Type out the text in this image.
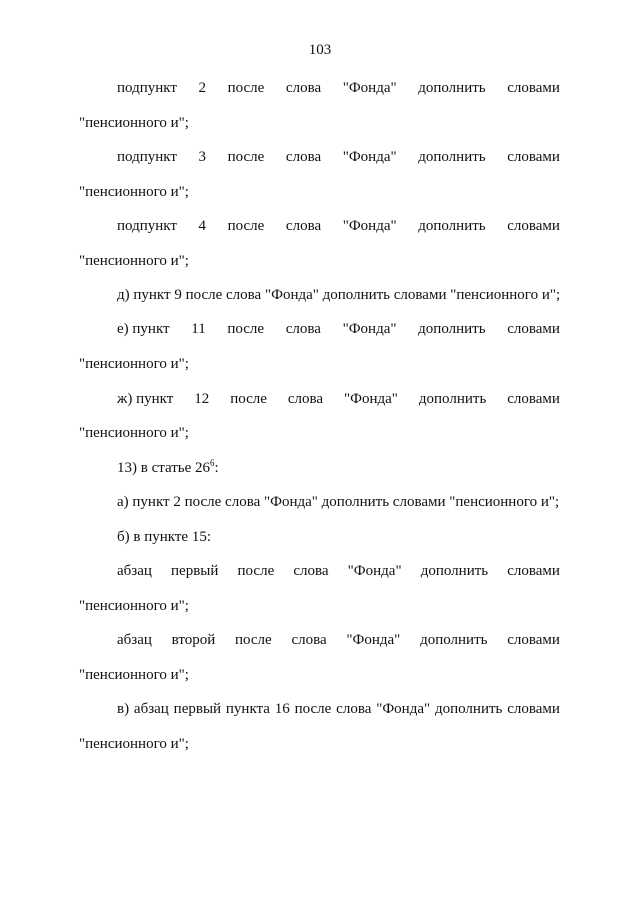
103
подпункт 2 после слова "Фонда" дополнить словами
"пенсионного и";
подпункт 3 после слова "Фонда" дополнить словами
"пенсионного и";
подпункт 4 после слова "Фонда" дополнить словами
"пенсионного и";
д) пункт 9 после слова "Фонда" дополнить словами "пенсионного и";
е) пункт 11 после слова "Фонда" дополнить словами
"пенсионного и";
ж) пункт 12 после слова "Фонда" дополнить словами
"пенсионного и";
13) в статье $26^6$:
а) пункт 2 после слова "Фонда" дополнить словами "пенсионного и";
б) в пункте 15:
абзац первый после слова "Фонда" дополнить словами
"пенсионного и";
абзац второй после слова "Фонда" дополнить словами
"пенсионного и";
в) абзац первый пункта 16 после слова "Фонда" дополнить словами
"пенсионного и";
